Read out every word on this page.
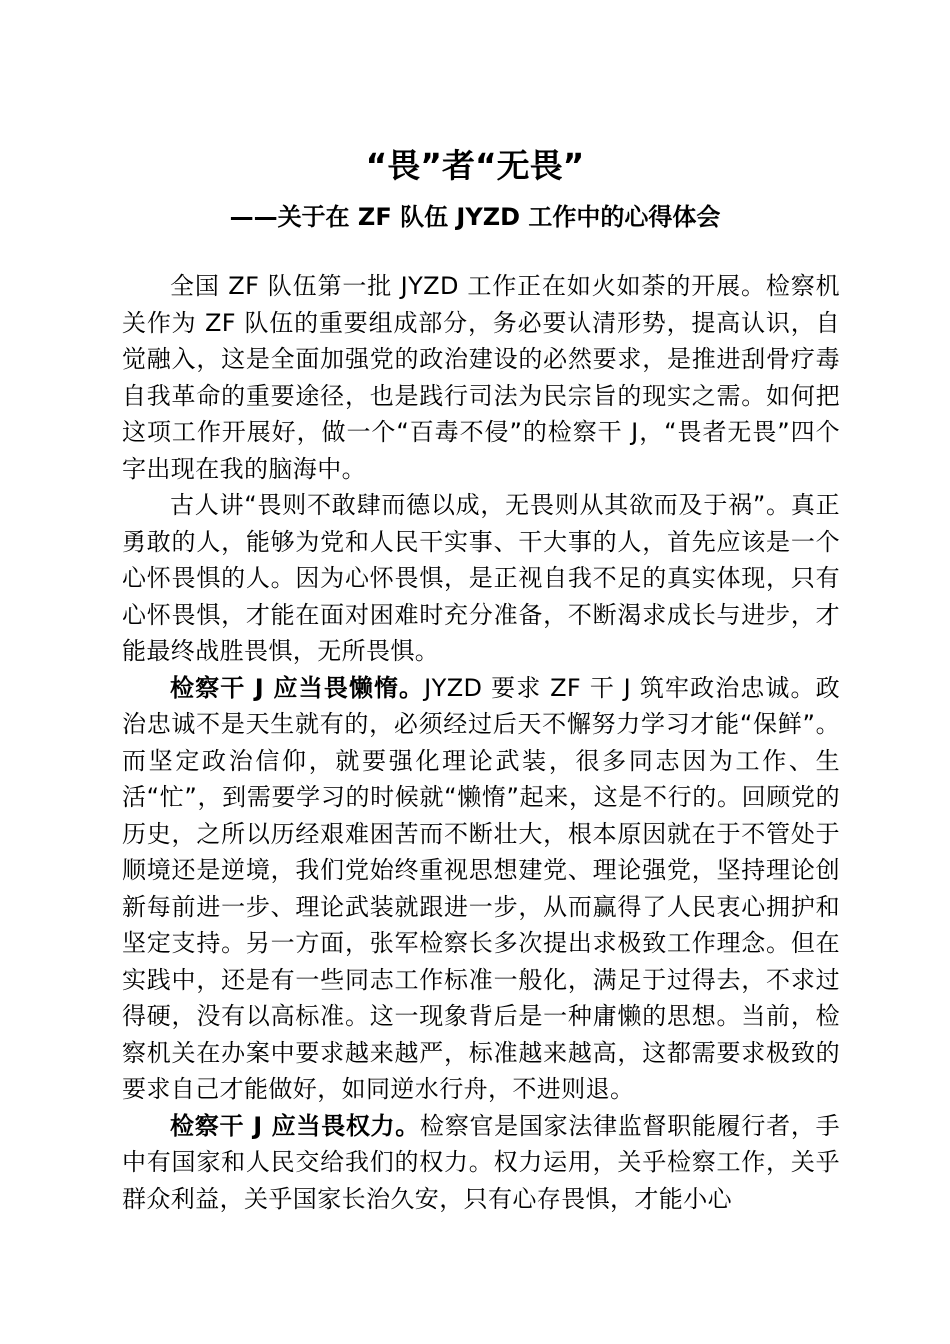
“畏”者“无畏”
——关于在 ZF 队伍 JYZD 工作中的心得体会

全国 ZF 队伍第一批 JYZD 工作正在如火如荼的开展。检察机关作为 ZF 队伍的重要组成部分，务必要认清形势，提高认识，自觉融入，这是全面加强党的政治建设的必然要求，是推进刮骨疗毒自我革命的重要途径，也是践行司法为民宗旨的现实之需。如何把这项工作开展好，做一个“百毒不侵”的检察干 J，“畏者无畏”四个字出现在我的脑海中。

古人讲“畏则不敢肆而德以成，无畏则从其欲而及于祸”。真正勇敢的人，能够为党和人民干实事、干大事的人，首先应该是一个心怀畏惧的人。因为心怀畏惧，是正视自我不足的真实体现，只有心怀畏惧，才能在面对困难时充分准备，不断渴求成长与进步，才能最终战胜畏惧，无所畏惧。

检察干 J 应当畏懒惰。JYZD 要求 ZF 干 J 筑牢政治忠诚。政治忠诚不是天生就有的，必须经过后天不懈努力学习才能“保鲜”。而坚定政治信仰，就要强化理论武装，很多同志因为工作、生活“忙”，到需要学习的时候就“懒惰”起来，这是不行的。回顾党的历史，之所以历经艰难困苦而不断壮大，根本原因就在于不管处于顺境还是逆境，我们党始终重视思想建党、理论强党，坚持理论创新每前进一步、理论武装就跟进一步，从而赢得了人民衷心拥护和坚定支持。另一方面，张军检察长多次提出求极致工作理念。但在实践中，还是有一些同志工作标准一般化，满足于过得去，不求过得硬，没有以高标准。这一现象背后是一种庸懒的思想。当前，检察机关在办案中要求越来越严，标准越来越高，这都需要求极致的要求自己才能做好，如同逆水行舟，不进则退。

检察干 J 应当畏权力。检察官是国家法律监督职能履行者，手中有国家和人民交给我们的权力。权力运用，关乎检察工作，关乎群众利益，关乎国家长治久安，只有心存畏惧，才能小心
